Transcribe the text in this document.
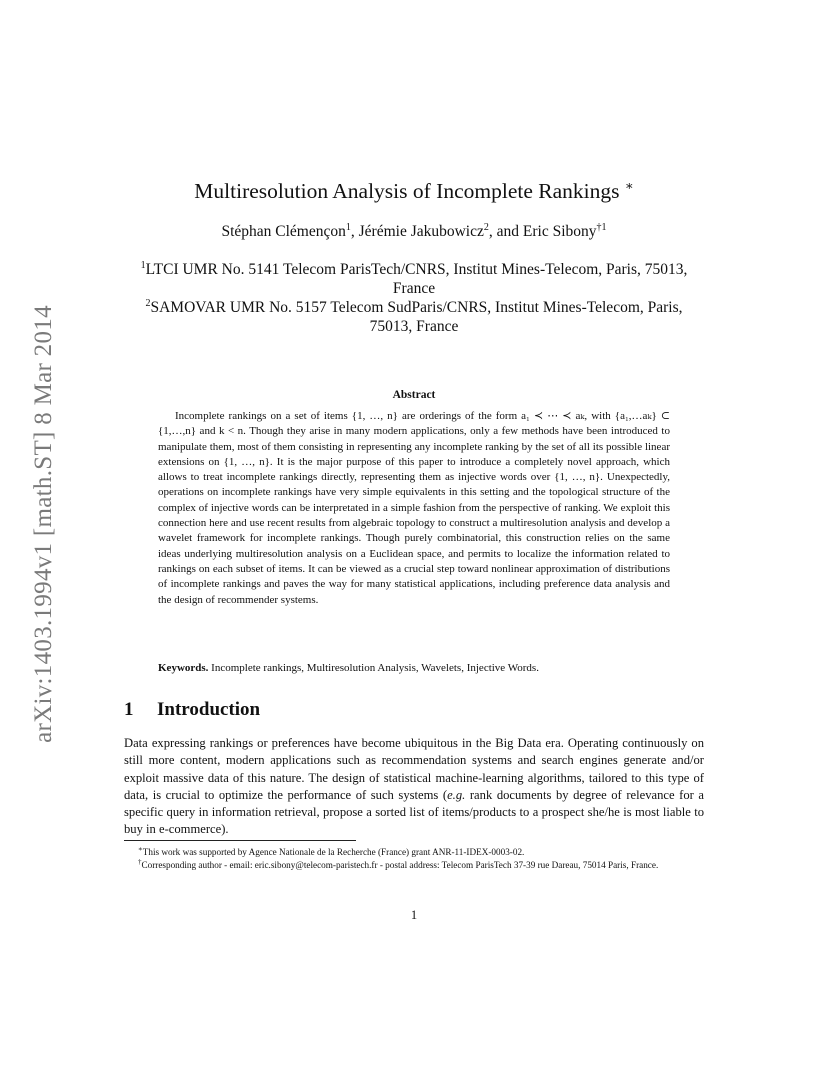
arXiv:1403.1994v1 [math.ST] 8 Mar 2014
Multiresolution Analysis of Incomplete Rankings ∗
Stéphan Clémençon$^1$, Jérémie Jakubowicz$^2$, and Eric Sibony$^{\dagger 1}$
$^1$LTCI UMR No. 5141 Telecom ParisTech/CNRS, Institut Mines-Telecom, Paris, 75013, France
$^2$SAMOVAR UMR No. 5157 Telecom SudParis/CNRS, Institut Mines-Telecom, Paris, 75013, France
Abstract

Incomplete rankings on a set of items {1, …, n} are orderings of the form a₁ ≺ ⋯ ≺ aₖ, with {a₁,…aₖ} ⊂ {1,…,n} and k < n. Though they arise in many modern applications, only a few methods have been introduced to manipulate them, most of them consisting in representing any incomplete ranking by the set of all its possible linear extensions on {1, …, n}. It is the major purpose of this paper to introduce a completely novel approach, which allows to treat incomplete rankings directly, representing them as injective words over {1, …, n}. Unexpectedly, operations on incomplete rankings have very simple equivalents in this setting and the topological structure of the complex of injective words can be interpretated in a simple fashion from the perspective of ranking. We exploit this connection here and use recent results from algebraic topology to construct a multiresolution analysis and develop a wavelet framework for incomplete rankings. Though purely combinatorial, this construction relies on the same ideas underlying multiresolution analysis on a Euclidean space, and permits to localize the information related to rankings on each subset of items. It can be viewed as a crucial step toward nonlinear approximation of distributions of incomplete rankings and paves the way for many statistical applications, including preference data analysis and the design of recommender systems.

Keywords. Incomplete rankings, Multiresolution Analysis, Wavelets, Injective Words.
1 Introduction

Data expressing rankings or preferences have become ubiquitous in the Big Data era. Operating continuously on still more content, modern applications such as recommendation systems and search engines generate and/or exploit massive data of this nature. The design of statistical machine-learning algorithms, tailored to this type of data, is crucial to optimize the performance of such systems (e.g. rank documents by degree of relevance for a specific query in information retrieval, propose a sorted list of items/products to a prospect she/he is most liable to buy in e-commerce).

∗This work was supported by Agence Nationale de la Recherche (France) grant ANR-11-IDEX-0003-02.

†Corresponding author - email: eric.sibony@telecom-paristech.fr - postal address: Telecom ParisTech 37-39 rue Dareau, 75014 Paris, France.

1
